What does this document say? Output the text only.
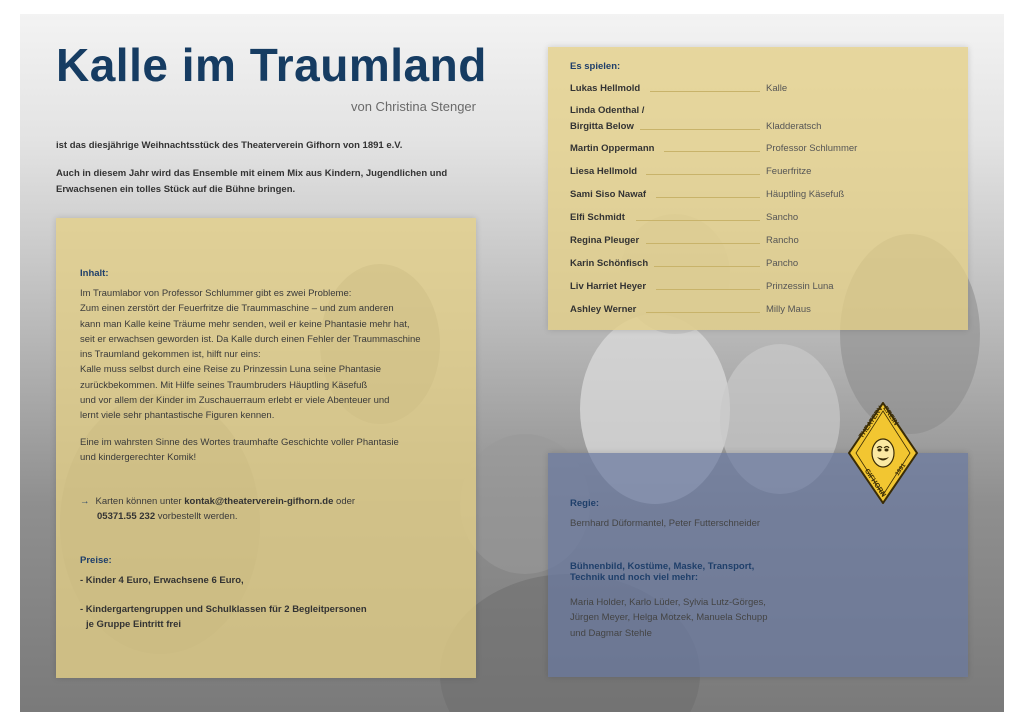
Kalle im Traumland
von Christina Stenger
ist das diesjährige Weihnachtsstück des Theaterverein Gifhorn von 1891 e.V.
Auch in diesem Jahr wird das Ensemble mit einem Mix aus Kindern, Jugendlichen und
Erwachsenen ein tolles Stück auf die Bühne bringen.
Inhalt:
Im Traumlabor von Professor Schlummer gibt es zwei Probleme:
Zum einen zerstört der Feuerfritze die Traummaschine – und zum anderen
kann man Kalle keine Träume mehr senden, weil er keine Phantasie mehr hat,
seit er erwachsen geworden ist. Da Kalle durch einen Fehler der Traummaschine
ins Traumland gekommen ist, hilft nur eins:
Kalle muss selbst durch eine Reise zu Prinzessin Luna seine Phantasie
zurückbekommen. Mit Hilfe seines Traumbruders Häuptling Käsefuß
und vor allem der Kinder im Zuschauerraum erlebt er viele Abenteuer und
lernt viele sehr phantastische Figuren kennen.
Eine im wahrsten Sinne des Wortes traumhafte Geschichte voller Phantasie
und kindergerechter Komik!
→ Karten können unter kontak@theaterverein-gifhorn.de oder
05371.55 232 vorbestellt werden.
Preise:
- Kinder 4 Euro, Erwachsene 6 Euro,
- Kindergartengruppen und Schulklassen für 2 Begleitpersonen
je Gruppe Eintritt frei
Es spielen:
Lukas Hellmold	Kalle
Linda Odenthal /
Birgitta Below	Kladderatsch
Martin Oppermann	Professor Schlummer
Liesa Hellmold	Feuerfritze
Sami Siso Nawaf	Häuptling Käsefuß
Elfi Schmidt	Sancho
Regina Pleuger	Rancho
Karin Schönfisch	Pancho
Liv Harriet Heyer	Prinzessin Luna
Ashley Werner	Milly Maus
Regie:
Bernhard Düformantel, Peter Futterschneider
Bühnenbild, Kostüme, Maske, Transport,
Technik und noch viel mehr:
Maria Holder, Karlo Lüder, Sylvia Lutz-Görges,
Jürgen Meyer, Helga Motzek, Manuela Schupp
und Dagmar Stehle
THEATERVEREIN
GIFHORN
1891
